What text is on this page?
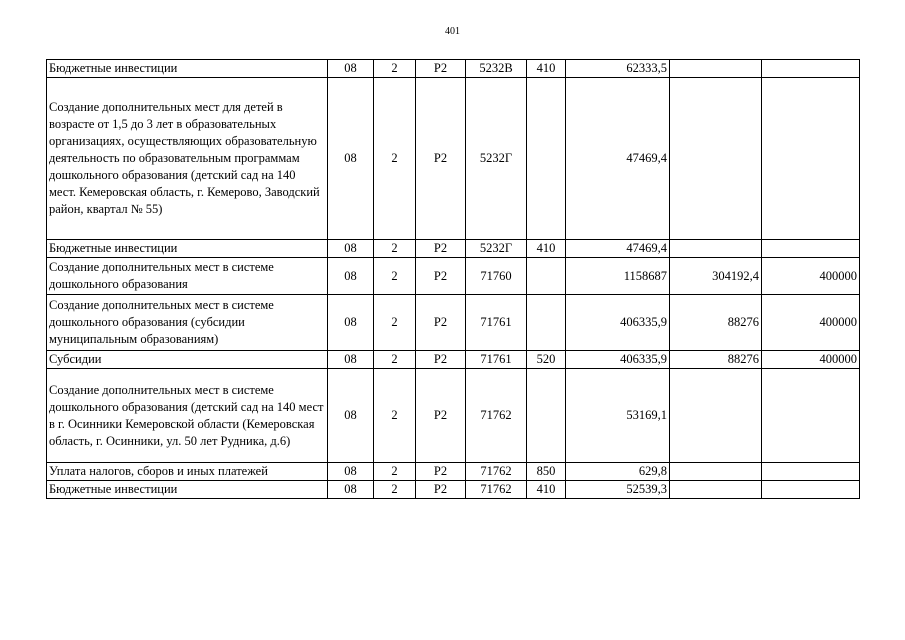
401
Бюджетные инвестиции	08	2	P2	5232В	410	62333,5		
Создание дополнительных мест для детей в возрасте от 1,5 до 3 лет в образовательных организациях, осуществляющих образовательную деятельность по образовательным программам дошкольного образования (детский сад на 140 мест. Кемеровская область, г. Кемерово, Заводский район, квартал № 55)	08	2	P2	5232Г		47469,4		
Бюджетные инвестиции	08	2	P2	5232Г	410	47469,4		
Создание дополнительных мест в системе дошкольного образования	08	2	P2	71760		1158687	304192,4	400000
Создание дополнительных мест в системе дошкольного образования (субсидии муниципальным образованиям)	08	2	P2	71761		406335,9	88276	400000
Субсидии	08	2	P2	71761	520	406335,9	88276	400000
Создание дополнительных мест в системе дошкольного образования (детский сад на 140 мест в г. Осинники Кемеровской области (Кемеровская область, г. Осинники, ул. 50 лет Рудника, д.6)	08	2	P2	71762		53169,1		
Уплата налогов, сборов и иных платежей	08	2	P2	71762	850	629,8		
Бюджетные инвестиции	08	2	P2	71762	410	52539,3		
